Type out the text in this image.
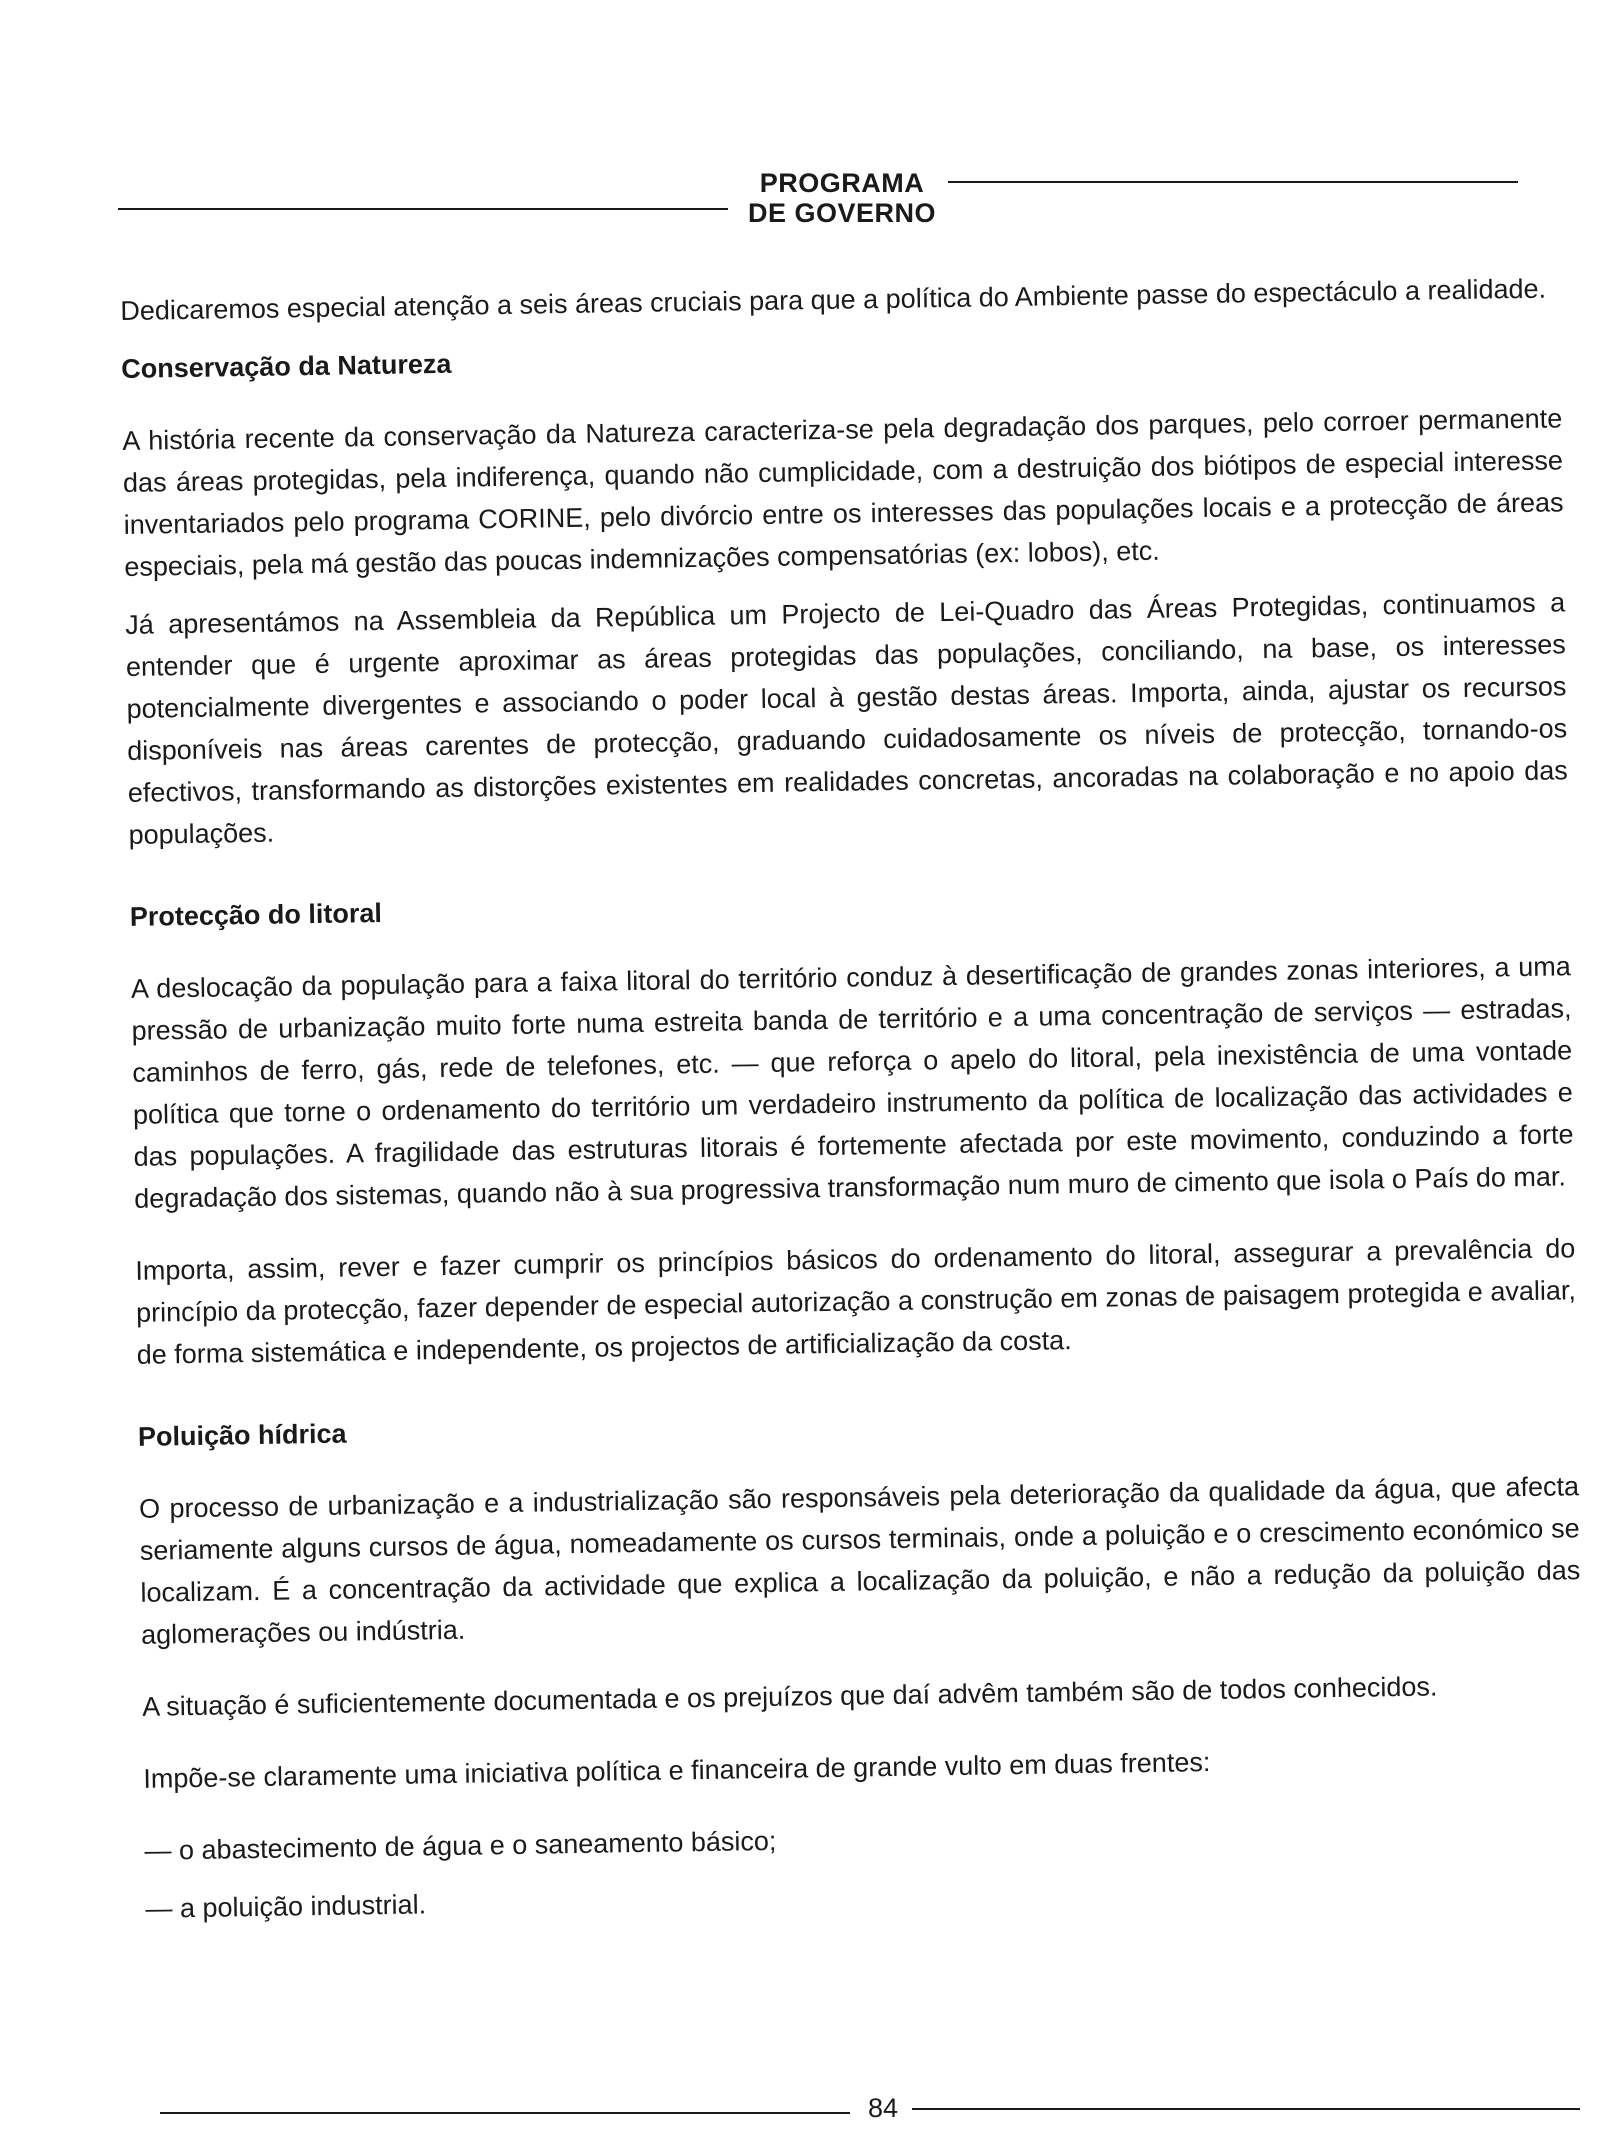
PROGRAMA
DE GOVERNO

Dedicaremos especial atenção a seis áreas cruciais para que a política do Ambiente passe do espectáculo a realidade.

Conservação da Natureza

A história recente da conservação da Natureza caracteriza-se pela degradação dos parques, pelo corroer permanente das áreas protegidas, pela indiferença, quando não cumplicidade, com a destruição dos biótipos de especial interesse inventariados pelo programa CORINE, pelo divórcio entre os interesses das populações locais e a protecção de áreas especiais, pela má gestão das poucas indemnizações compensatórias (ex: lobos), etc.

Já apresentámos na Assembleia da República um Projecto de Lei-Quadro das Áreas Protegidas, continuamos a entender que é urgente aproximar as áreas protegidas das populações, conciliando, na base, os interesses potencialmente divergentes e associando o poder local à gestão destas áreas. Importa, ainda, ajustar os recursos disponíveis nas áreas carentes de protecção, graduando cuidadosamente os níveis de protecção, tornando-os efectivos, transformando as distorções existentes em realidades concretas, ancoradas na colaboração e no apoio das populações.

Protecção do litoral

A deslocação da população para a faixa litoral do território conduz à desertificação de grandes zonas interiores, a uma pressão de urbanização muito forte numa estreita banda de território e a uma concentração de serviços — estradas, caminhos de ferro, gás, rede de telefones, etc. — que reforça o apelo do litoral, pela inexistência de uma vontade política que torne o ordenamento do território um verdadeiro instrumento da política de localização das actividades e das populações. A fragilidade das estruturas litorais é fortemente afectada por este movimento, conduzindo a forte degradação dos sistemas, quando não à sua progressiva transformação num muro de cimento que isola o País do mar.

Importa, assim, rever e fazer cumprir os princípios básicos do ordenamento do litoral, assegurar a prevalência do princípio da protecção, fazer depender de especial autorização a construção em zonas de paisagem protegida e avaliar, de forma sistemática e independente, os projectos de artificialização da costa.

Poluição hídrica

O processo de urbanização e a industrialização são responsáveis pela deterioração da qualidade da água, que afecta seriamente alguns cursos de água, nomeadamente os cursos terminais, onde a poluição e o crescimento económico se localizam. É a concentração da actividade que explica a localização da poluição, e não a redução da poluição das aglomerações ou indústria.

A situação é suficientemente documentada e os prejuízos que daí advêm também são de todos conhecidos.

Impõe-se claramente uma iniciativa política e financeira de grande vulto em duas frentes:

— o abastecimento de água e o saneamento básico;

— a poluição industrial.

84
